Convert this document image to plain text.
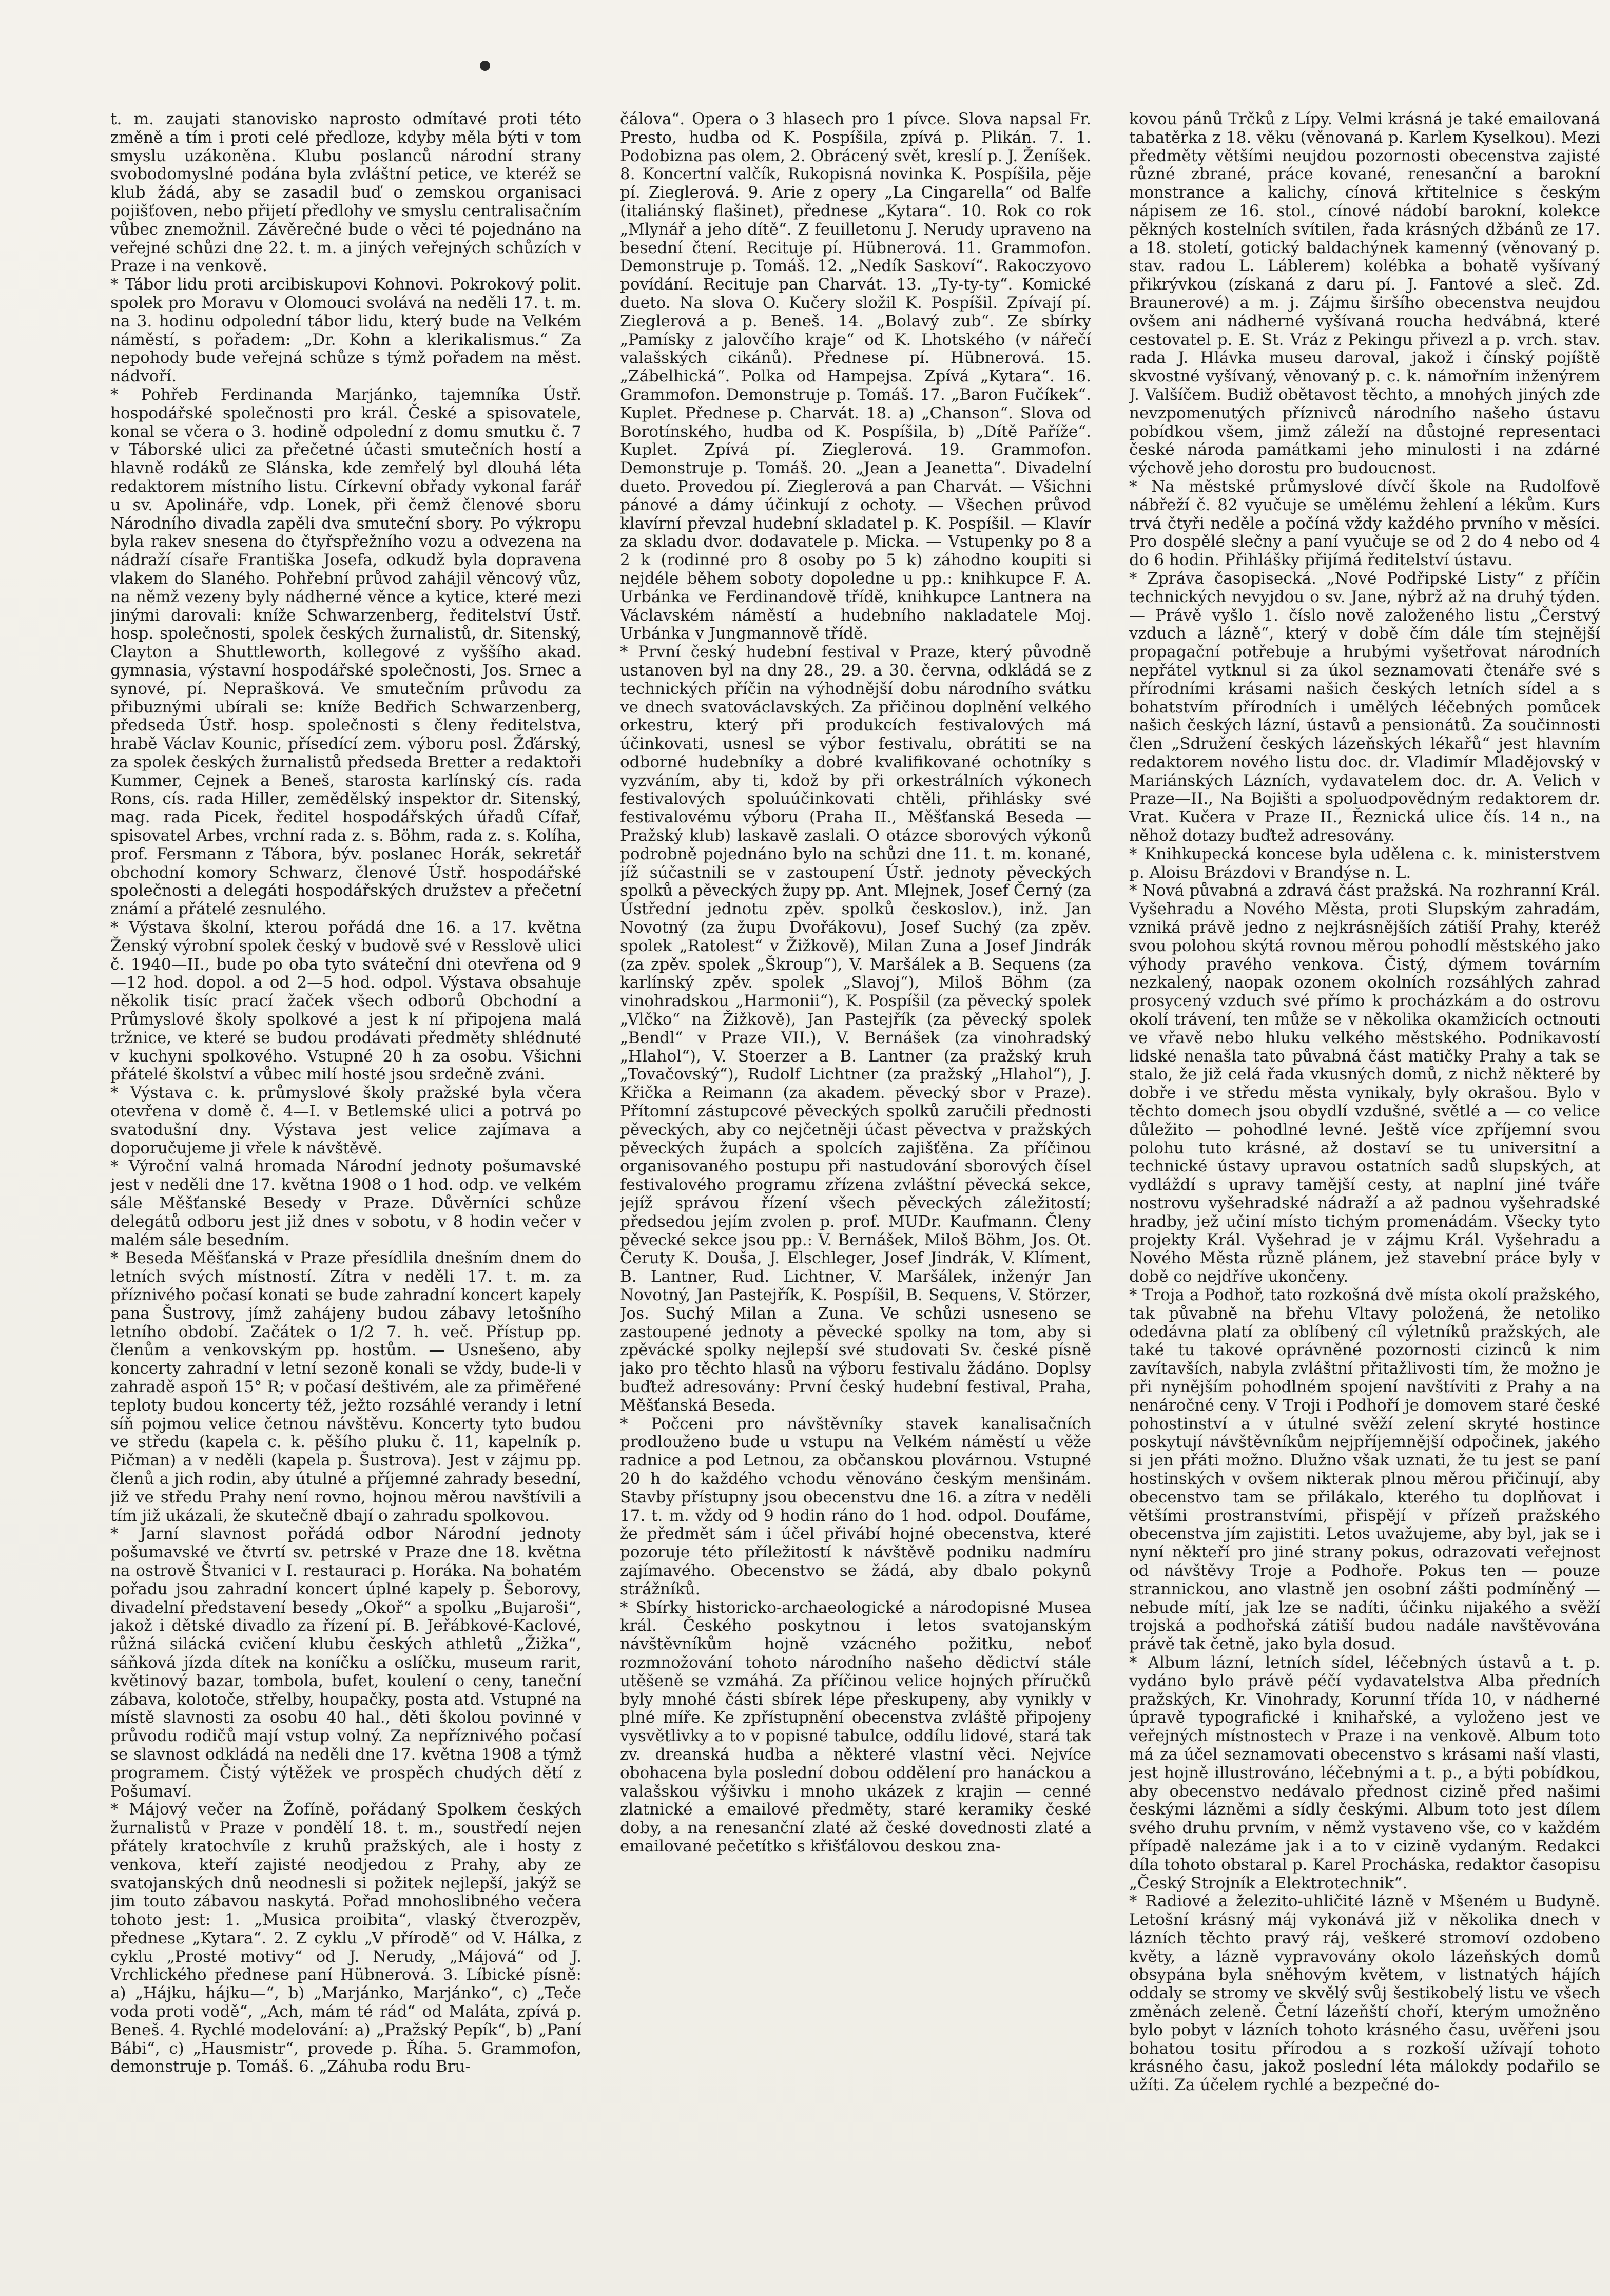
t. m. zaujati stanovisko naprosto odmítavé proti této změně a tím i proti celé předloze, kdyby měla býti v tom smyslu uzákoněna. Klubu poslanců národní strany svobodomyslné podána byla zvláštní petice, ve kteréž se klub žádá, aby se zasadil buď o zemskou organisaci pojišťoven, nebo přijetí předlohy ve smyslu centralisačním vůbec znemožnil. Závěrečné bude o věci té pojednáno na veřejné schůzi dne 22. t. m. a jiných veřejných schůzích v Praze i na venkově.

* Tábor lidu proti arcibiskupovi Kohnovi. Pokrokový polit. spolek pro Moravu v Olomouci svolává na neděli 17. t. m. na 3. hodinu odpolední tábor lidu, který bude na Velkém náměstí, s pořadem: „Dr. Kohn a klerikalismus.“ Za nepohody bude veřejná schůze s týmž pořadem na měst. nádvoří.

* Pohřeb Ferdinanda Marjánko, tajemníka Ústř. hospodářské společnosti pro král. České a spisovatele, konal se včera o 3. hodině odpolední z domu smutku č. 7 v Táborské ulici za přečetné účasti smutečních hostí a hlavně rodáků ze Slánska, kde zemřelý byl dlouhá léta redaktorem místního listu. Církevní obřady vykonal farář u sv. Apolináře, vdp. Lonek, při čemž členové sboru Národního divadla zapěli dva smuteční sbory. Po výkropu byla rakev snesena do čtyřspřežního vozu a odvezena na nádraží císaře Františka Josefa, odkudž byla dopravena vlakem do Slaného. Pohřební průvod zahájil věncový vůz, na němž vezeny byly nádherné věnce a kytice, které mezi jinými darovali: kníže Schwarzenberg, ředitelství Ústř. hosp. společnosti, spolek českých žurnalistů, dr. Sitenský, Clayton a Shuttleworth, kollegové z vyššího akad. gymnasia, výstavní hospodářské společnosti, Jos. Srnec a synové, pí. Neprašková. Ve smutečním průvodu za přibuznými ubírali se: kníže Bedřich Schwarzenberg, předseda Ústř. hosp. společnosti s členy ředitelstva, hrabě Václav Kounic, přísedící zem. výboru posl. Žďárský, za spolek českých žurnalistů předseda Bretter a redaktoři Kummer, Cejnek a Beneš, starosta karlínský cís. rada Rons, cís. rada Hiller, zemědělský inspektor dr. Sitenský, mag. rada Picek, ředitel hospodářských úřadů Cífař, spisovatel Arbes, vrchní rada z. s. Böhm, rada z. s. Kolíha, prof. Fersmann z Tábora, býv. poslanec Horák, sekretář obchodní komory Schwarz, členové Ústř. hospodářské společnosti a delegáti hospodářských družstev a přečetní známí a přátelé zesnulého.

* Výstava školní, kterou pořádá dne 16. a 17. května Ženský výrobní spolek český v budově své v Resslově ulici č. 1940—II., bude po oba tyto sváteční dni otevřena od 9—12 hod. dopol. a od 2—5 hod. odpol. Výstava obsahuje několik tisíc prací žaček všech odborů Obchodní a Průmyslové školy spolkové a jest k ní připojena malá tržnice, ve které se budou prodávati předměty shlédnuté v kuchyni spolkového. Vstupné 20 h za osobu. Všichni přátelé školství a vůbec milí hosté jsou srdečně zváni.

* Výstava c. k. průmyslové školy pražské byla včera otevřena v domě č. 4—I. v Betlemské ulici a potrvá po svatodušní dny. Výstava jest velice zajímava a doporučujeme ji vřele k návštěvě.

* Výroční valná hromada Národní jednoty pošumavské jest v neděli dne 17. května 1908 o 1 hod. odp. ve velkém sále Měšťanské Besedy v Praze. Důvěrníci schůze delegátů odboru jest již dnes v sobotu, v 8 hodin večer v malém sále besedním.

* Beseda Měšťanská v Praze přesídlila dnešním dnem do letních svých místností. Zítra v neděli 17. t. m. za příznivého počasí konati se bude zahradní koncert kapely pana Šustrovy, jímž zahájeny budou zábavy letošního letního období. Začátek o 1/2 7. h. več. Přístup pp. členům a venkovským pp. hostům. — Usnešeno, aby koncerty zahradní v letní sezoně konali se vždy, bude-li v zahradě aspoň 15° R; v počasí deštivém, ale za přiměřené teploty budou koncerty též, ježto rozsáhlé verandy i letní síň pojmou velice četnou návštěvu. Koncerty tyto budou ve středu (kapela c. k. pěšího pluku č. 11, kapelník p. Pičman) a v neděli (kapela p. Šustrova). Jest v zájmu pp. členů a jich rodin, aby útulné a příjemné zahrady besední, již ve středu Prahy není rovno, hojnou měrou navštívili a tím již ukázali, že skutečně dbají o zahradu spolkovou.

* Jarní slavnost pořádá odbor Národní jednoty pošumavské ve čtvrtí sv. petrské v Praze dne 18. května na ostrově Štvanici v I. restauraci p. Horáka. Na bohatém pořadu jsou zahradní koncert úplné kapely p. Šeborovy, divadelní představení besedy „Okoř“ a spolku „Bujaroši“, jakož i dětské divadlo za řízení pí. B. Jeřábkové-Kaclové, růžná silácká cvičení klubu českých athletů „Žižka“, sáňková jízda dítek na koníčku a oslíčku, museum rarit, květinový bazar, tombola, bufet, koulení o ceny, taneční zábava, kolotoče, střelby, houpačky, posta atd. Vstupné na místě slavnosti za osobu 40 hal., děti školou povinné v průvodu rodičů mají vstup volný. Za nepříznivého počasí se slavnost odkládá na neděli dne 17. května 1908 a týmž programem. Čistý výtěžek ve prospěch chudých dětí z Pošumaví.

* Májový večer na Žofíně, pořádaný Spolkem českých žurnalistů v Praze v pondělí 18. t. m., soustředí nejen přátely kratochvíle z kruhů pražských, ale i hosty z venkova, kteří zajisté neodjedou z Prahy, aby ze svatojanských dnů neodnesli si požitek nejlepší, jakýž se jim touto zábavou naskytá. Pořad mnohoslibného večera tohoto jest: 1. „Musica proibita“, vlaský čtverozpěv, přednese „Kytara“. 2. Z cyklu „V přírodě“ od V. Hálka, z cyklu „Prosté motivy“ od J. Nerudy, „Májová“ od J. Vrchlického přednese paní Hübnerová. 3. Líbické písně: a) „Hájku, hájku—“, b) „Marjánko, Marjánko“, c) „Teče voda proti vodě“, „Ach, mám té rád“ od Malátа, zpívá p. Beneš. 4. Rychlé modelování: a) „Pražský Pepík“, b) „Paní Bábi“, c) „Hausmistr“, provede p. Říha. 5. Grammofon, demonstruje p. Tomáš. 6. „Záhuba rodu Bru-

čálova“. Opera o 3 hlasech pro 1 pívce. Slova napsal Fr. Presto, hudba od K. Pospíšila, zpívá p. Plikán. 7. 1. Podobizna pas olem, 2. Obrácený svět, kreslí p. J. Ženíšek. 8. Koncertní valčík, Rukopisná novinka K. Pospíšila, pěje pí. Zieglerová. 9. Arie z opery „La Cingarella“ od Balfe (italiánský flašinet), přednese „Kytara“. 10. Rok co rok „Mlynář a jeho dítě“. Z feuilletonu J. Nerudy upraveno na besední čtení. Recituje pí. Hübnerová. 11. Grammofon. Demonstruje p. Tomáš. 12. „Nedík Saskoví“. Rakoczyovo povídání. Recituje pan Charvát. 13. „Ty-ty-ty“. Komické dueto. Na slova O. Kučery složil K. Pospíšil. Zpívají pí. Zieglerová a p. Beneš. 14. „Bolavý zub“. Ze sbírky „Pamísky z jalovčího kraje“ od K. Lhotského (v nářečí valašských cikánů). Přednese pí. Hübnerová. 15. „Zábelhická“. Polka od Hampejsa. Zpívá „Kytara“. 16. Grammofon. Demonstruje p. Tomáš. 17. „Baron Fučíkek“. Kuplet. Přednese p. Charvát. 18. a) „Chanson“. Slova od Borotínského, hudba od K. Pospíšila, b) „Dítě Paříže“. Kuplet. Zpívá pí. Zieglerová. 19. Grammofon. Demonstruje p. Tomáš. 20. „Jean a Jeanetta“. Divadelní dueto. Provedou pí. Zieglerová a pan Charvát. — Všichni pánové a dámy účinkují z ochoty. — Všechen průvod klavírní převzal hudební skladatel p. K. Pospíšil. — Klavír za skladu dvor. dodavatele p. Micka. — Vstupenky po 8 a 2 k (rodinné pro 8 osoby po 5 k) záhodno koupiti si nejdéle během soboty dopoledne u pp.: knihkupce F. A. Urbánka ve Ferdinandově třídě, knihkupce Lantnera na Václavském náměstí a hudebního nakladatele Moj. Urbánka v Jungmannově třídě.

* První český hudební festival v Praze, který původně ustanoven byl na dny 28., 29. a 30. června, odkládá se z technických příčin na výhodnější dobu národního svátku ve dnech svatováclavských. Za přičinou doplnění velkého orkestru, který při produkcích festivalových má účinkovati, usnesl se výbor festivalu, obrátiti se na odborné hudebníky a dobré kvalifikované ochotníky s vyzváním, aby ti, kdož by při orkestrálních výkonech festivalových spoluúčinkovati chtěli, přihlásky své festivalovému výboru (Praha II., Měšťanská Beseda — Pražský klub) laskavě zaslali. O otázce sborových výkonů podrobně pojednáno bylo na schůzi dne 11. t. m. konané, jíž súčastnili se v zastoupení Ústř. jednoty pěveckých spolků a pěveckých župy pp. Ant. Mlejnek, Josef Černý (za Ústřední jednotu zpěv. spolků českoslov.), inž. Jan Novotný (za župu Dvořákovu), Josef Suchý (za zpěv. spolek „Ratolest“ v Žižkově), Milan Zuna a Josef Jindrák (za zpěv. spolek „Škroup“), V. Maršálek a B. Sequens (za karlínský zpěv. spolek „Slavoj“), Miloš Böhm (za vinohradskou „Harmonii“), K. Pospíšil (za pěvecký spolek „Vlčko“ na Žižkově), Jan Pastejřík (za pěvecký spolek „Bendl“ v Praze VII.), V. Bernášek (za vinohradský „Hlahol“), V. Stoerzer a B. Lantner (za pražský kruh „Tovačovský“), Rudolf Lichtner (za pražský „Hlahol“), J. Křička a Reimann (za akadem. pěvecký sbor v Praze). Přítomní zástupcové pěveckých spolků zaručili přednosti pěveckých, aby co nejčetněji účast pěvectva v pražských pěveckých župách a spolcích zajišťěna. Za příčinou organisovaného postupu při nastudování sborových čísel festivalového programu zřízena zvláštní pěvecká sekce, jejíž správou řízení všech pěveckých záležitostí; předsedou jejím zvolen p. prof. MUDr. Kaufmann. Členy pěvecké sekce jsou pp.: V. Bernášek, Miloš Böhm, Jos. Ot. Čeruty K. Douša, J. Elschleger, Josef Jindrák, V. Klíment, B. Lantner, Rud. Lichtner, V. Maršálek, inženýr Jan Novotný, Jan Pastejřík, K. Pospíšil, B. Sequens, V. Störzer, Jos. Suchý Milan a Zuna. Ve schůzi usneseno se zastoupené jednoty a pěvecké spolky na tom, aby si zpěvácké spolky nejlepší své studovati Sv. české písně jako pro těchto hlasů na výboru festivalu žádáno. Doplsy buďtež adresovány: První český hudební festival, Praha, Měšťanská Beseda.

* Počceni pro návštěvníky stavek kanalisačních prodlouženo bude u vstupu na Velkém náměstí u věže radnice a pod Letnou, za občanskou plovárnou. Vstupné 20 h do každého vchodu věnováno českým menšinám. Stavby přístupny jsou obecenstvu dne 16. a zítra v neděli 17. t. m. vždy od 9 hodin ráno do 1 hod. odpol. Doufáme, že předmět sám i účel přivábí hojné obecenstva, které pozoruje této příležitostí k návštěvě podniku nadmíru zajímavého. Obecenstvo se žádá, aby dbalo pokynů strážníků.

* Sbírky historicko-archaeologické a národopisné Musea král. Českého poskytnou i letos svatojanským návštěvníkům hojně vzácného požitku, neboť rozmnožování tohoto národního našeho dědictví stále utěšeně se vzmáhá. Za příčinou velice hojných příručků byly mnohé části sbírek lépe přeskupeny, aby vynikly v plné míře. Ke zpřístupnění obecenstva zvláště připojeny vysvětlivky a to v popisné tabulce, oddílu lidové, stará tak zv. dreanská hudba a některé vlastní věci. Nejvíce obohacena byla poslední dobou oddělení pro hanáckou a valašskou výšivku i mnoho ukázek z krajin — cenné zlatnické a emailové předměty, staré keramiky české doby, a na renesanční zlaté až české dovednosti zlaté a emailované pečetítko s křišťálovou deskou zna-

kovou pánů Trčků z Lípy. Velmi krásná je také emailovaná tabatěrka z 18. věku (věnovaná p. Karlem Kyselkou). Mezi předměty většími neujdou pozornosti obecenstva zajisté různé zbrané, práce kované, renesanční a barokní monstrance a kalichy, cínová křtitelnice s českým nápisem ze 16. stol., cínové nádobí barokní, kolekce pěkných kostelních svítilen, řada krásných džbánů ze 17. a 18. století, gotický baldachýnek kamenný (věnovaný p. stav. radou L. Láblerem) kolébka a bohatě vyšívaný přikrývkou (získaná z daru pí. J. Fantové a sleč. Zd. Braunerové) a m. j. Zájmu širšího obecenstva neujdou ovšem ani nádherné vyšívaná roucha hedvábná, které cestovatel p. E. St. Vráz z Pekingu přivezl a p. vrch. stav. rada J. Hlávka museu daroval, jakož i čínský pojíště skvostné vyšívaný, věnovaný p. c. k. námořním inženýrem J. Valšíčem. Budiž obětavost těchto, a mnohých jiných zde nevzpomenutých příznivců národního našeho ústavu pobídkou všem, jimž záleží na důstojné representaci české národa památkami jeho minulosti i na zdárné výchově jeho dorostu pro budoucnost.

* Na městské průmyslové dívčí škole na Rudolfově nábřeží č. 82 vyučuje se umělému žehlení a lékům. Kurs trvá čtyři neděle a počíná vždy každého prvního v měsíci. Pro dospělé slečny a paní vyučuje se od 2 do 4 nebo od 4 do 6 hodin. Přihlášky přijímá ředitelství ústavu.

* Zpráva časopisecká. „Nové Podřipské Listy“ z příčin technických nevyjdou o sv. Jane, nýbrž až na druhý týden. — Právě vyšlo 1. číslo nově založeného listu „Čerstvý vzduch a lázně“, který v době čím dále tím stejnější propagační potřebuje a hrubými vyšetřovat národních nepřátel vytknul si za úkol seznamovati čtenáře své s přírodními krásami našich českých letních sídel a s bohatstvím přírodních i umělých léčebných pomůcek našich českých lázní, ústavů a pensionátů. Za součinnosti člen „Sdružení českých lázeňských lékařů“ jest hlavním redaktorem nového listu doc. dr. Vladimír Mladějovský v Mariánských Lázních, vydavatelem doc. dr. A. Velich v Praze—II., Na Bojišti a spoluodpovědným redaktorem dr. Vrat. Kučera v Praze II., Řeznická ulice čís. 14 n., na něhož dotazy buďtež adresovány.

* Knihkupecká koncese byla udělena c. k. ministerstvem p. Aloisu Brázdovi v Brandýse n. L.

* Nová půvabná a zdravá část pražská. Na rozhranní Král. Vyšehradu a Nového Města, proti Slupským zahradám, vzniká právě jedno z nejkrásnějších zátiší Prahy, kteréž svou polohou skýtá rovnou měrou pohodlí městského jako výhody pravého venkova. Čistý, dýmem továrním nezkalený, naopak ozonem okolních rozsáhlých zahrad prosycený vzduch své přímo k procházkám a do ostrovu okolí trávení, ten může se v několika okamžicích octnouti ve vřavě nebo hluku velkého městského. Podnikavostí lidské nenašla tato půvabná část matičky Prahy a tak se stalo, že již celá řada vkusných domů, z nichž některé by dobře i ve středu města vynikaly, byly okrašou. Bylo v těchto domech jsou obydlí vzdušné, světlé a — co velice důležito — pohodlné levné. Ještě více zpříjemní svou polohu tuto krásné, až dostaví se tu universitní a technické ústavy upravou ostatních sadů slupských, at vydláždí s upravy tamější cesty, at naplní jiné tváře nostrovu vyšehradské nádraží a až padnou vyšehradské hradby, jež učiní místo tichým promenádám. Všecky tyto projekty Král. Vyšehrad je v zájmu Král. Vyšehradu a Nového Města různě plánem, jež stavební práce byly v době co nejdříve ukončeny.

* Troja a Podhoř, tato rozkošná dvě místa okolí pražského, tak půvabně na břehu Vltavy položená, že netolikо odedávna platí za oblíbený cíl výletníků pražských, ale také tu takové oprávněné pozornosti cizinců k nim zavítavších, nabyla zvláštní přitažlivosti tím, že možno je při nynějším pohodlném spojení navštíviti z Prahy a na nenáročné ceny. V Troji i Podhoří je domovem staré české pohostinství a v útulné svěží zelení skryté hostince poskytují návštěvníkům nejpříjemnější odpočinek, jakého si jen přáti možno. Dlužno však uznati, že tu jest se paní hostinských v ovšem nikterak plnou měrou přičinují, aby obecenstvo tam se přilákalo, kterého tu doplňovat i většími prostranstvími, přispějí v přízeň pražského obecenstva jím zajistiti. Letos uvažujeme, aby byl, jak se i nyní někteří pro jiné strany pokus, odrazovati veřejnost od návštěvy Troje a Podhoře. Pokus ten — pouze strannickou, ano vlastně jen osobní zášti podmíněný — nebude mítí, jak lze se nadíti, účinku nijakého a svěží trojská a podhořská zátiší budou nadále navštěvována právě tak četně, jako byla dosud.

* Album lázní, letních sídel, léčebných ústavů a t. p. vydáno bylo právě péčí vydavatelstva Alba předních pražských, Kr. Vinohrady, Korunní třída 10, v nádherné úpravě typografické i knihařské, a vyloženo jest ve veřejných místnostech v Praze i na venkově. Album toto má za účel seznamovati obecenstvo s krásami naší vlasti, jest hojně illustrováno, léčebnými a t. p., a býti pobídkou, aby obecenstvo nedávalo přednost cizině před našimi českými lázněmi a sídly českými. Album toto jest dílem svého druhu prvním, v němž vystaveno vše, co v každém případě nalezáme jak i a to v cizině vydaným. Redakci díla tohoto obstaral p. Karel Procháska, redaktor časopisu „Český Strojník a Elektrotechnik“.

* Radiové a železito-uhličité lázně v Mšeném u Budyně. Letošní krásný máj vykonává již v několika dnech v lázních těchto pravý ráj, veškeré stromoví ozdobeno květy, a lázně vypravovány okolo lázeňských domů obsypána byla sněhovým květem, v listnatých hájích oddaly se stromy ve skvělý svůj šestikobelý listu ve všech změnách zeleně. Četní lázeňští choří, kterým umožněno bylo pobyt v lázních tohoto krásného času, uvěřeni jsou bohatou tositu přírodou a s rozkoší užívají tohoto krásného času, jakož poslední léta málokdy podařilo se užíti. Za účelem rychlé a bezpečné do-
